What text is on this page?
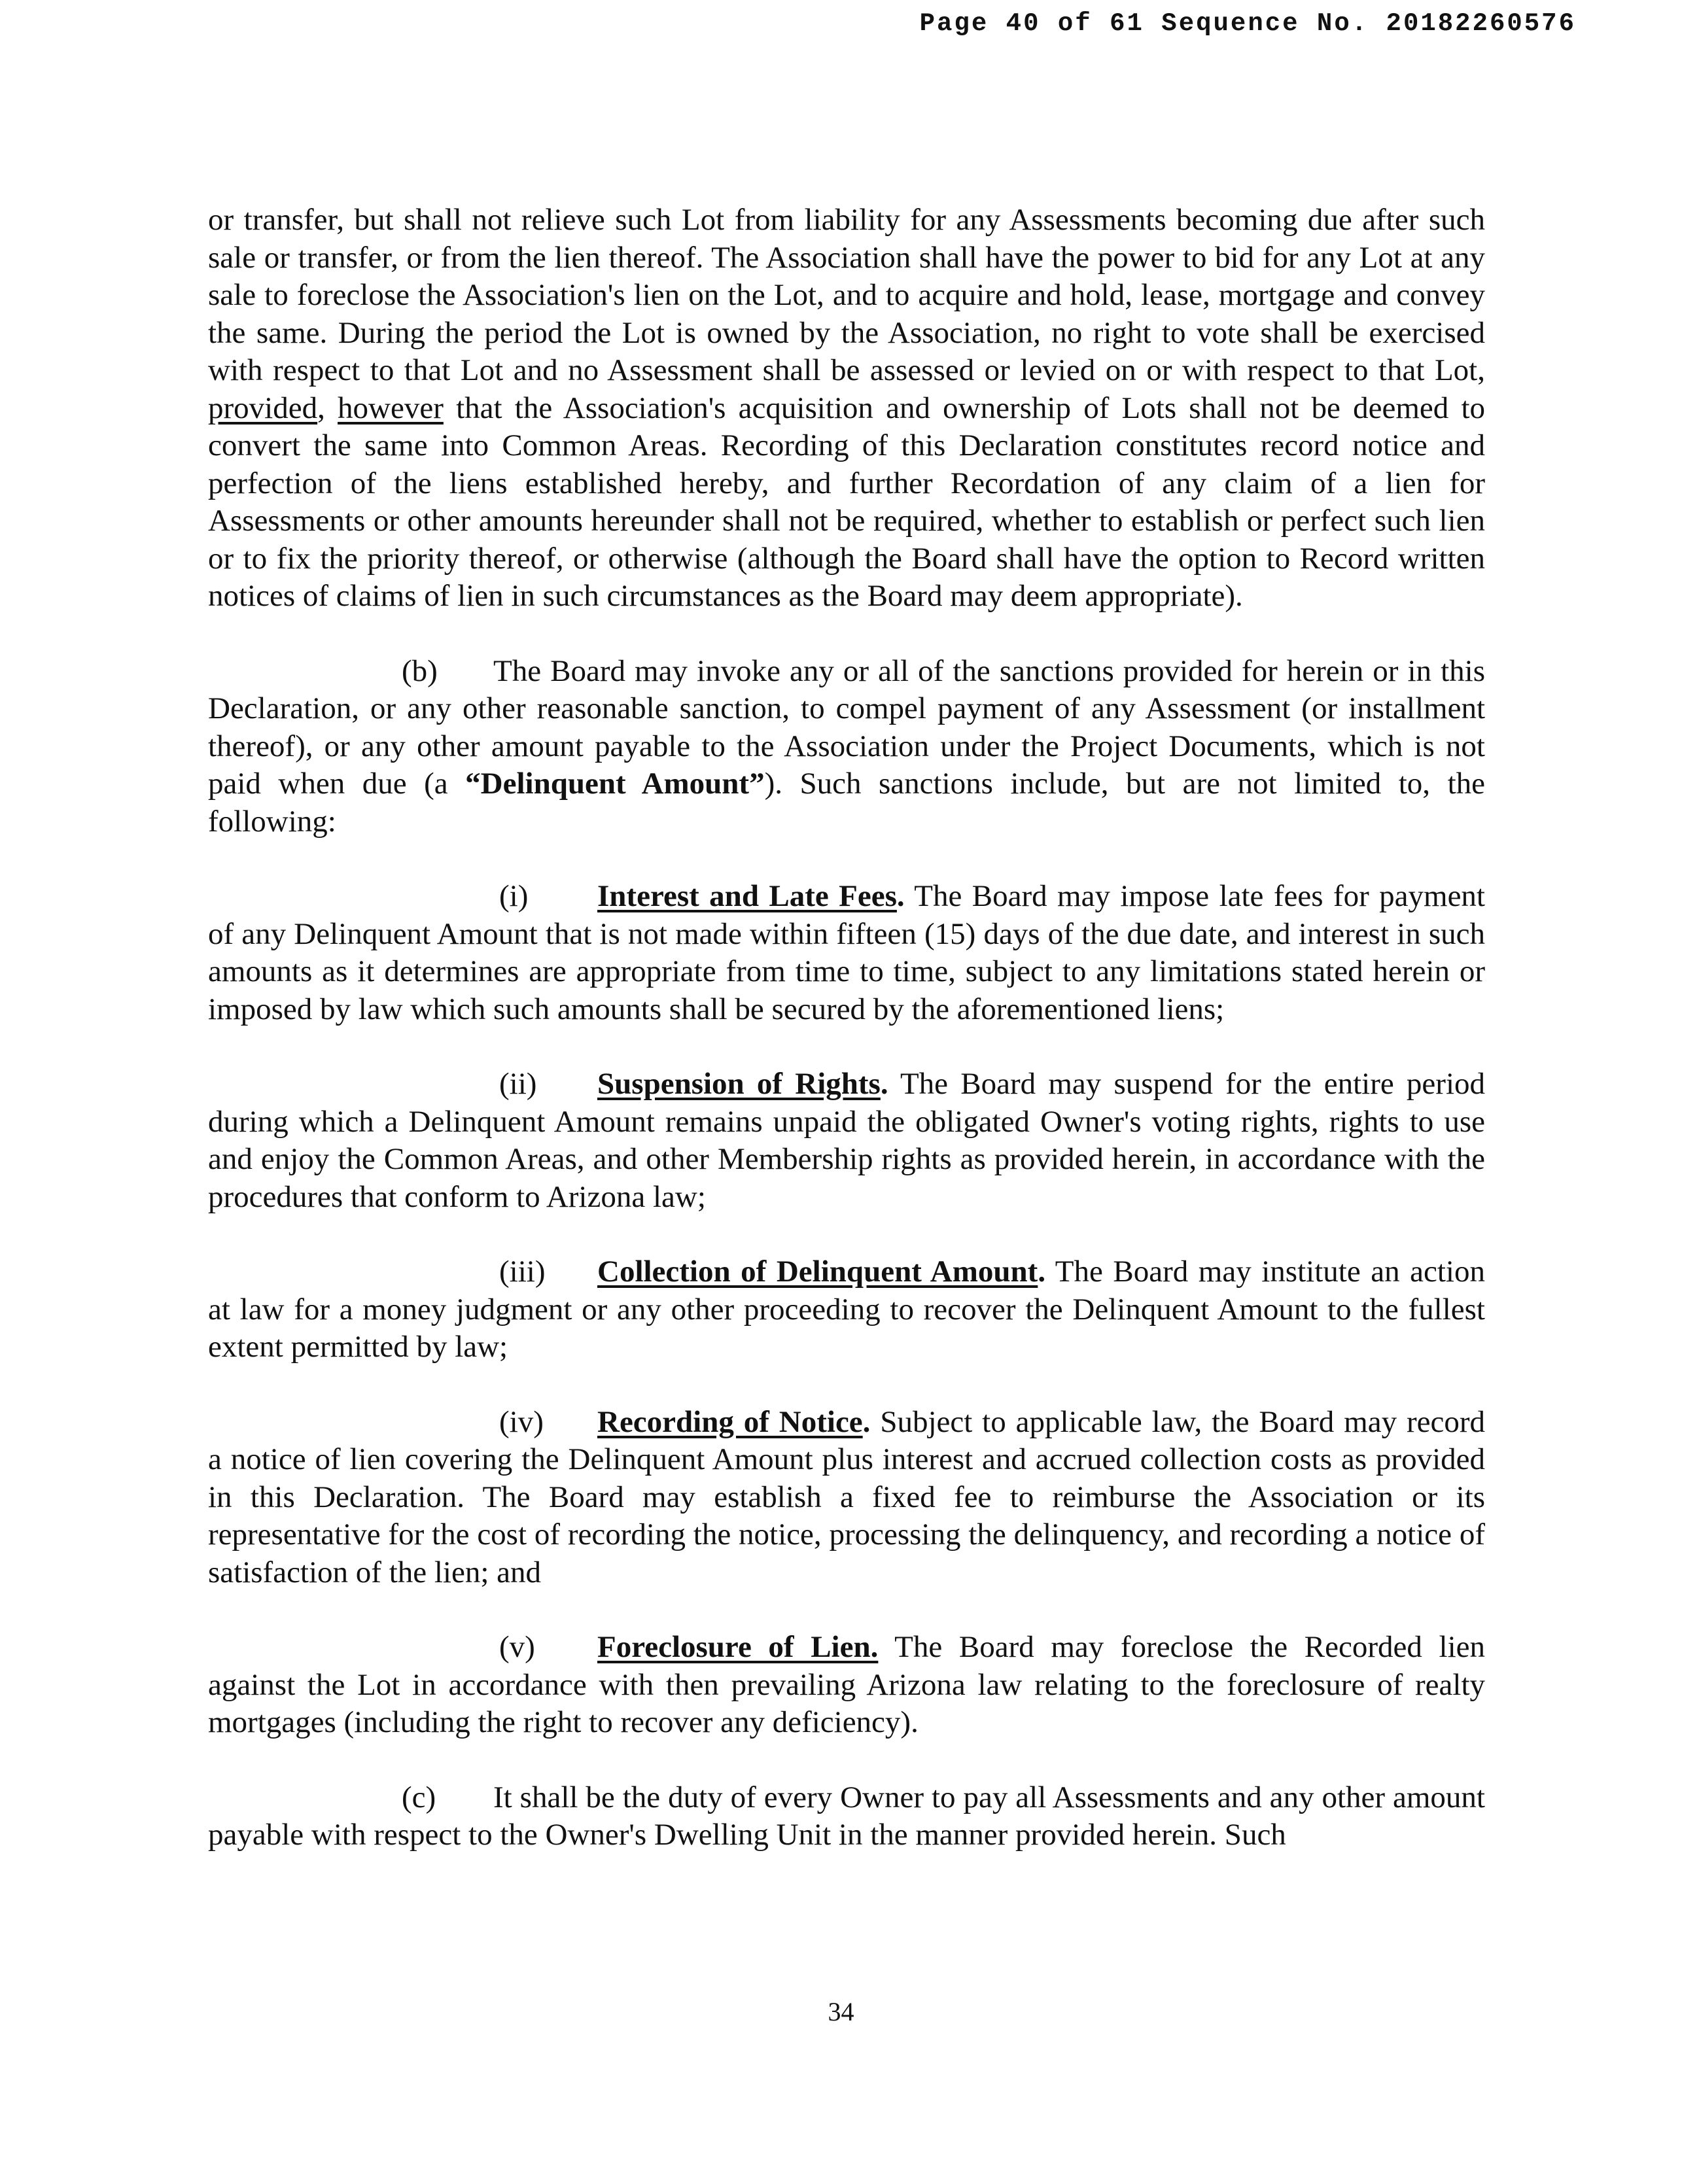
Page 40 of 61 Sequence No. 20182260576

or transfer, but shall not relieve such Lot from liability for any Assessments becoming due after such sale or transfer, or from the lien thereof. The Association shall have the power to bid for any Lot at any sale to foreclose the Association's lien on the Lot, and to acquire and hold, lease, mortgage and convey the same. During the period the Lot is owned by the Association, no right to vote shall be exercised with respect to that Lot and no Assessment shall be assessed or levied on or with respect to that Lot, provided, however that the Association's acquisition and ownership of Lots shall not be deemed to convert the same into Common Areas. Recording of this Declaration constitutes record notice and perfection of the liens established hereby, and further Recordation of any claim of a lien for Assessments or other amounts hereunder shall not be required, whether to establish or perfect such lien or to fix the priority thereof, or otherwise (although the Board shall have the option to Record written notices of claims of lien in such circumstances as the Board may deem appropriate).

(b) The Board may invoke any or all of the sanctions provided for herein or in this Declaration, or any other reasonable sanction, to compel payment of any Assessment (or installment thereof), or any other amount payable to the Association under the Project Documents, which is not paid when due (a “Delinquent Amount”). Such sanctions include, but are not limited to, the following:

(i) Interest and Late Fees. The Board may impose late fees for payment of any Delinquent Amount that is not made within fifteen (15) days of the due date, and interest in such amounts as it determines are appropriate from time to time, subject to any limitations stated herein or imposed by law which such amounts shall be secured by the aforementioned liens;

(ii) Suspension of Rights. The Board may suspend for the entire period during which a Delinquent Amount remains unpaid the obligated Owner's voting rights, rights to use and enjoy the Common Areas, and other Membership rights as provided herein, in accordance with the procedures that conform to Arizona law;

(iii) Collection of Delinquent Amount. The Board may institute an action at law for a money judgment or any other proceeding to recover the Delinquent Amount to the fullest extent permitted by law;

(iv) Recording of Notice. Subject to applicable law, the Board may record a notice of lien covering the Delinquent Amount plus interest and accrued collection costs as provided in this Declaration. The Board may establish a fixed fee to reimburse the Association or its representative for the cost of recording the notice, processing the delinquency, and recording a notice of satisfaction of the lien; and

(v) Foreclosure of Lien. The Board may foreclose the Recorded lien against the Lot in accordance with then prevailing Arizona law relating to the foreclosure of realty mortgages (including the right to recover any deficiency).

(c) It shall be the duty of every Owner to pay all Assessments and any other amount payable with respect to the Owner's Dwelling Unit in the manner provided herein. Such

34
